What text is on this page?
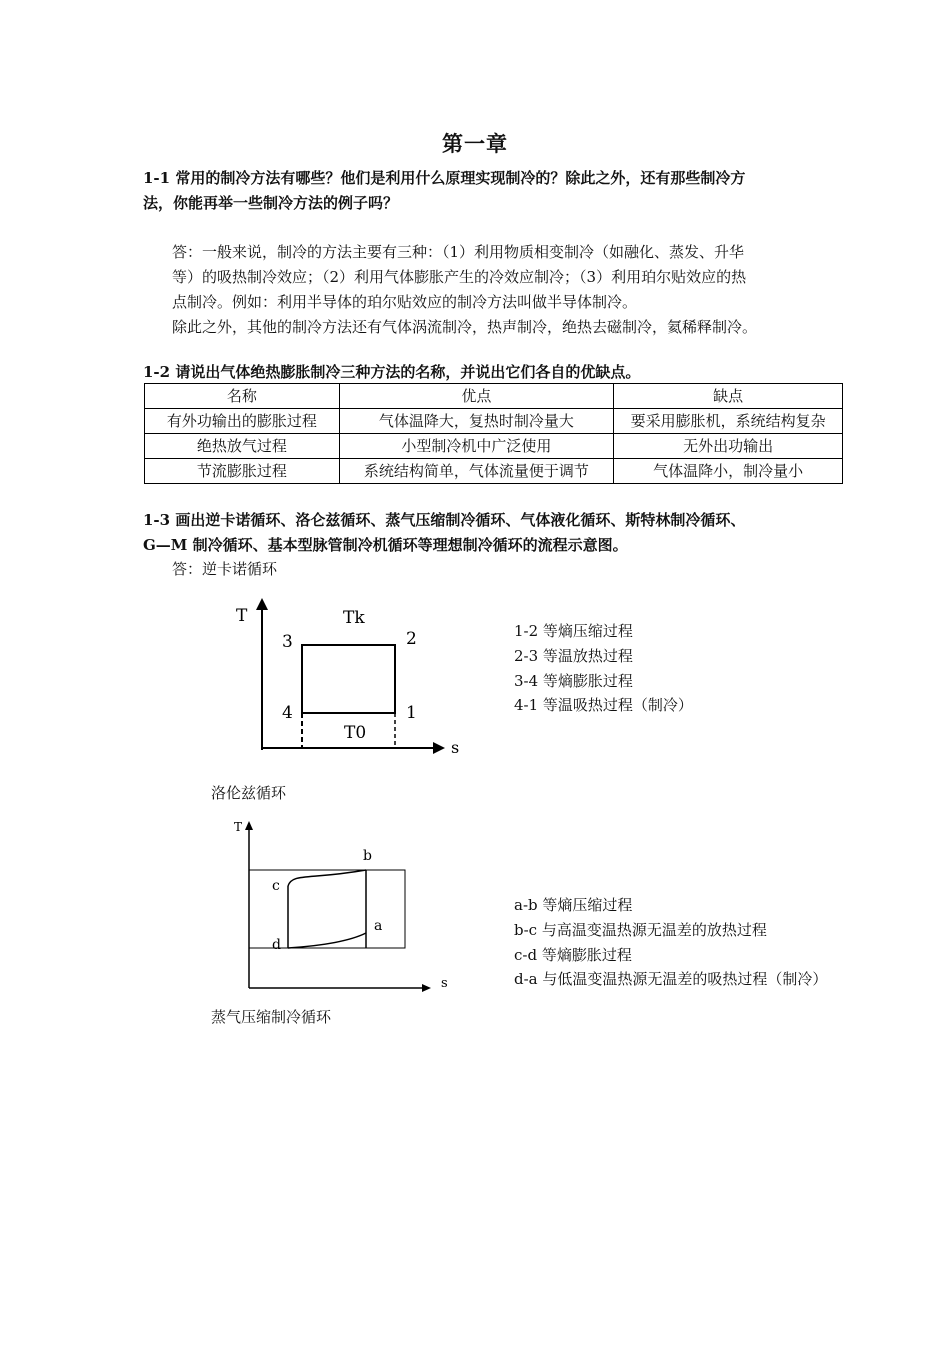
第一章
1-1 常用的制冷方法有哪些？他们是利用什么原理实现制冷的？除此之外，还有那些制冷方
法，你能再举一些制冷方法的例子吗？
答：一般来说，制冷的方法主要有三种：（1）利用物质相变制冷（如融化、蒸发、升华
等）的吸热制冷效应；（2）利用气体膨胀产生的冷效应制冷；（3）利用珀尔贴效应的热
点制冷。例如：利用半导体的珀尔贴效应的制冷方法叫做半导体制冷。
除此之外，其他的制冷方法还有气体涡流制冷，热声制冷，绝热去磁制冷，氦稀释制冷。
1-2 请说出气体绝热膨胀制冷三种方法的名称，并说出它们各自的优缺点。
名称	优点	缺点
有外功输出的膨胀过程	气体温降大，复热时制冷量大	要采用膨胀机，系统结构复杂
绝热放气过程	小型制冷机中广泛使用	无外出功输出
节流膨胀过程	系统结构简单，气体流量便于调节	气体温降小，制冷量小
1-3 画出逆卡诺循环、洛仑兹循环、蒸气压缩制冷循环、气体液化循环、斯特林制冷循环、
G—M 制冷循环、基本型脉管制冷机循环等理想制冷循环的流程示意图。
答：逆卡诺循环
T
s
Tk
T0
3	2
4	1
1-2 等熵压缩过程
2-3 等温放热过程
3-4 等熵膨胀过程
4-1 等温吸热过程（制冷）
洛伦兹循环
T
s
b
c
a
d
a-b 等熵压缩过程
b-c 与高温变温热源无温差的放热过程
c-d 等熵膨胀过程
d-a 与低温变温热源无温差的吸热过程（制冷）
蒸气压缩制冷循环
